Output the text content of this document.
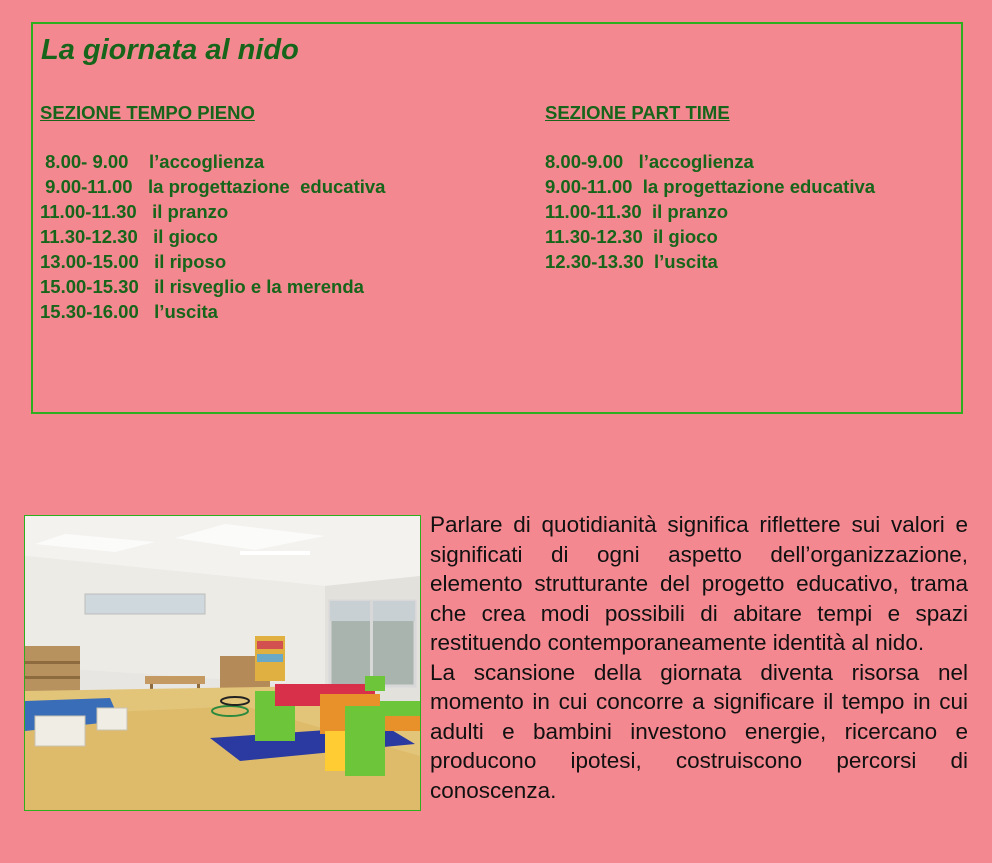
La giornata al nido
SEZIONE TEMPO PIENO
8.00- 9.00    l’accoglienza
9.00-11.00   la progettazione  educativa
11.00-11.30   il pranzo
11.30-12.30   il gioco
13.00-15.00   il riposo
15.00-15.30   il risveglio e la merenda
15.30-16.00   l’uscita
SEZIONE PART TIME
8.00-9.00   l’accoglienza
9.00-11.00  la progettazione educativa
11.00-11.30  il pranzo
11.30-12.30  il gioco
12.30-13.30  l’uscita

Parlare di quotidianità significa riflettere sui valori e significati di ogni aspetto dell’organizzazione, elemento strutturante del progetto educativo, trama che crea modi possibili di abitare tempi e spazi restituendo contemporaneamente identità al nido.

La scansione della giornata diventa risorsa nel momento in cui concorre a significare il tempo in cui adulti e bambini investono energie, ricercano e producono ipotesi, costruiscono percorsi di conoscenza.
